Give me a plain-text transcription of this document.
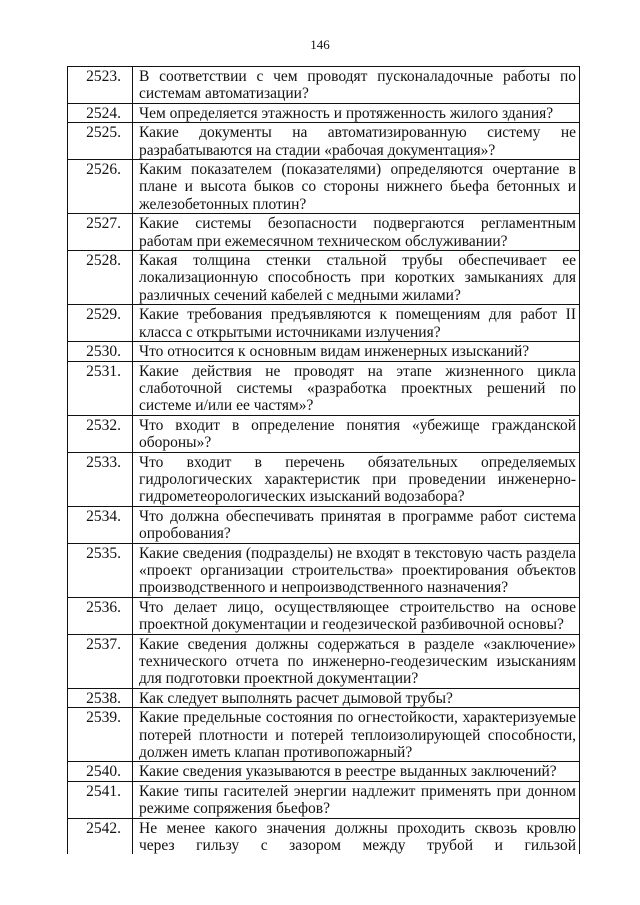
146
2523.	В соответствии с чем проводят пусконаладочные работы по системам автоматизации?
2524.	Чем определяется этажность и протяженность жилого здания?
2525.	Какие документы на автоматизированную систему не разрабатываются на стадии «рабочая документация»?
2526.	Каким показателем (показателями) определяются очертание в плане и высота быков со стороны нижнего бьефа бетонных и железобетонных плотин?
2527.	Какие системы безопасности подвергаются регламентным работам при ежемесячном техническом обслуживании?
2528.	Какая толщина стенки стальной трубы обеспечивает ее локализационную способность при коротких замыканиях для различных сечений кабелей с медными жилами?
2529.	Какие требования предъявляются к помещениям для работ II класса с открытыми источниками излучения?
2530.	Что относится к основным видам инженерных изысканий?
2531.	Какие действия не проводят на этапе жизненного цикла слаботочной системы «разработка проектных решений по системе и/или ее частям»?
2532.	Что входит в определение понятия «убежище гражданской обороны»?
2533.	Что входит в перечень обязательных определяемых гидрологических характеристик при проведении инженерно-гидрометеорологических изысканий водозабора?
2534.	Что должна обеспечивать принятая в программе работ система опробования?
2535.	Какие сведения (подразделы) не входят в текстовую часть раздела «проект организации строительства» проектирования объектов производственного и непроизводственного назначения?
2536.	Что делает лицо, осуществляющее строительство на основе проектной документации и геодезической разбивочной основы?
2537.	Какие сведения должны содержаться в разделе «заключение» технического отчета по инженерно-геодезическим изысканиям для подготовки проектной документации?
2538.	Как следует выполнять расчет дымовой трубы?
2539.	Какие предельные состояния по огнестойкости, характеризуемые потерей плотности и потерей теплоизолирующей способности, должен иметь клапан противопожарный?
2540.	Какие сведения указываются в реестре выданных заключений?
2541.	Какие типы гасителей энергии надлежит применять при донном режиме сопряжения бьефов?
2542.	Не менее какого значения должны проходить сквозь кровлю через гильзу с зазором между трубой и гильзой
